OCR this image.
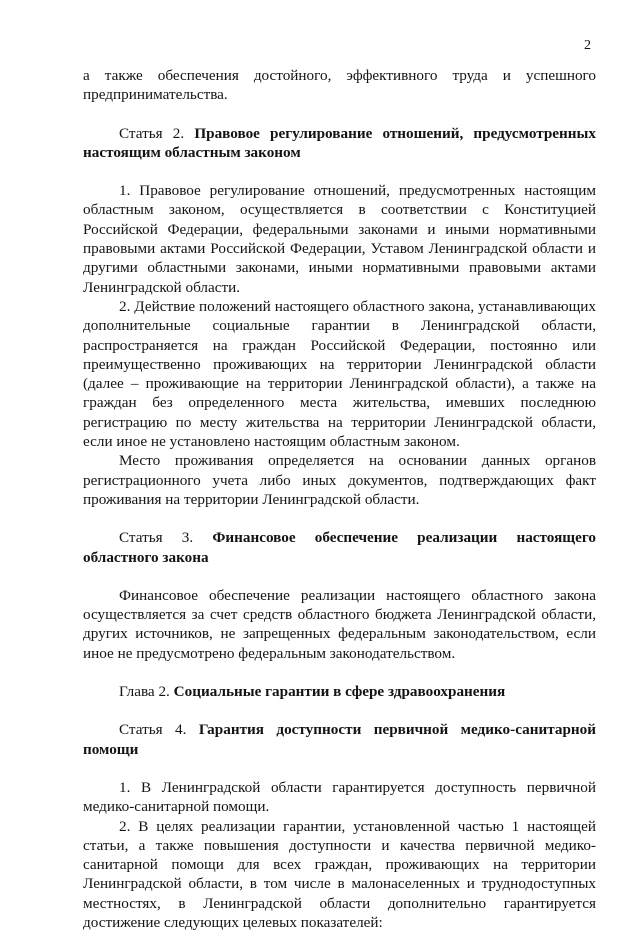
2

а также обеспечения достойного, эффективного труда и успешного предпринимательства.

Статья 2. Правовое регулирование отношений, предусмотренных настоящим областным законом

1. Правовое регулирование отношений, предусмотренных настоящим областным законом, осуществляется в соответствии с Конституцией Российской Федерации, федеральными законами и иными нормативными правовыми актами Российской Федерации, Уставом Ленинградской области и другими областными законами, иными нормативными правовыми актами Ленинградской области.

2. Действие положений настоящего областного закона, устанавливающих дополнительные социальные гарантии в Ленинградской области, распространяется на граждан Российской Федерации, постоянно или преимущественно проживающих на территории Ленинградской области (далее – проживающие на территории Ленинградской области), а также на граждан без определенного места жительства, имевших последнюю регистрацию по месту жительства на территории Ленинградской области, если иное не установлено настоящим областным законом.

Место проживания определяется на основании данных органов регистрационного учета либо иных документов, подтверждающих факт проживания на территории Ленинградской области.

Статья 3. Финансовое обеспечение реализации настоящего областного закона

Финансовое обеспечение реализации настоящего областного закона осуществляется за счет средств областного бюджета Ленинградской области, других источников, не запрещенных федеральным законодательством, если иное не предусмотрено федеральным законодательством.

Глава 2. Социальные гарантии в сфере здравоохранения

Статья 4. Гарантия доступности первичной медико-санитарной помощи

1. В Ленинградской области гарантируется доступность первичной медико-санитарной помощи.

2. В целях реализации гарантии, установленной частью 1 настоящей статьи, а также повышения доступности и качества первичной медико-санитарной помощи для всех граждан, проживающих на территории Ленинградской области, в том числе в малонаселенных и труднодоступных местностях, в Ленинградской области дополнительно гарантируется достижение следующих целевых показателей:
